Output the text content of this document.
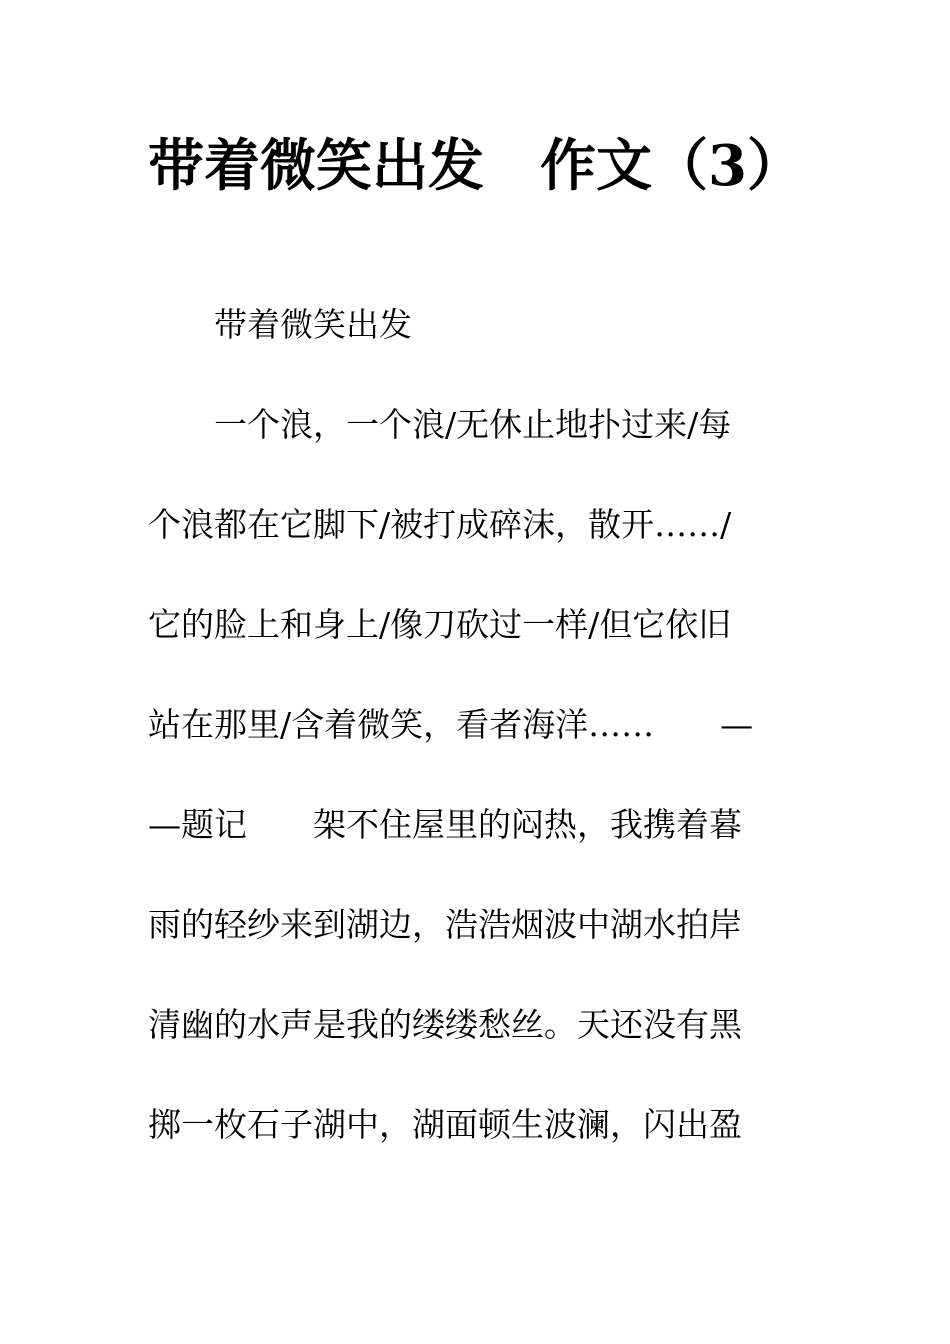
带着微笑出发　作文（3）
　　带着微笑出发
　　一个浪，一个浪/无休止地扑过来/每
个浪都在它脚下/被打成碎沫，散开……/
它的脸上和身上/像刀砍过一样/但它依旧
站在那里/含着微笑，看者海洋……　　—
—题记　　架不住屋里的闷热，我携着暮
雨的轻纱来到湖边，浩浩烟波中湖水拍岸
清幽的水声是我的缕缕愁丝。天还没有黑
掷一枚石子湖中，湖面顿生波澜，闪出盈
